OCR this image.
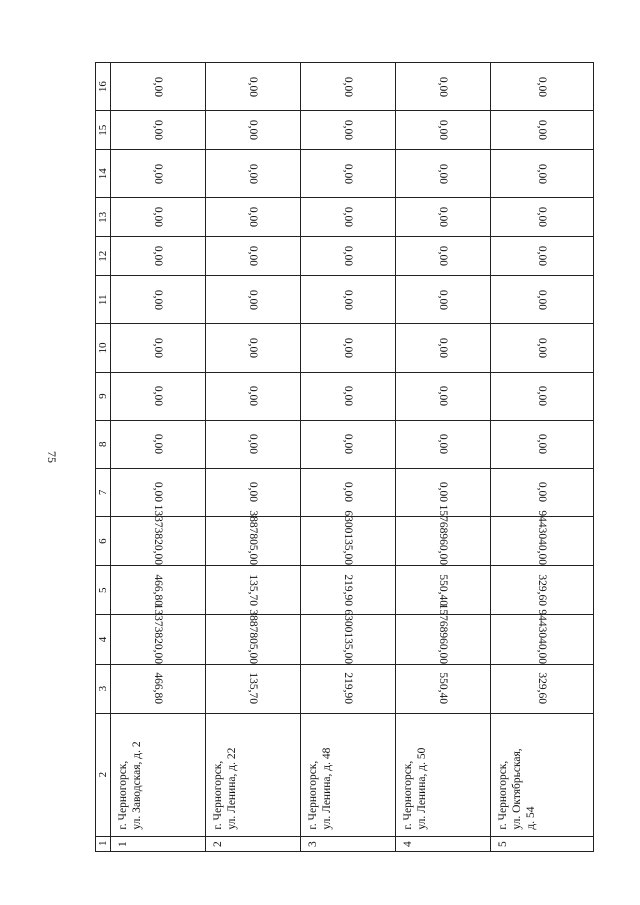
75
1	2	3	4	5	6	7	8	9	10	11	12	13	14	15	16
1	г. Черногорск, ул. Заводская, д. 2	466,80	13373820,00	466,80	13373820,00	0,00	0,00	0,00	0,00	0,00	0,00	0,00	0,00	0,00	0,00
2	г. Черногорск, ул. Ленина, д. 22	135,70	3887805,00	135,70	3887805,00	0,00	0,00	0,00	0,00	0,00	0,00	0,00	0,00	0,00	0,00
3	г. Черногорск, ул. Ленина, д. 48	219,90	6300135,00	219,90	6300135,00	0,00	0,00	0,00	0,00	0,00	0,00	0,00	0,00	0,00	0,00
4	г. Черногорск, ул. Ленина, д. 50	550,40	15768960,00	550,40	15768960,00	0,00	0,00	0,00	0,00	0,00	0,00	0,00	0,00	0,00	0,00
5	г. Черногорск, ул. Октябрьская, д. 54	329,60	9443040,00	329,60	9443040,00	0,00	0,00	0,00	0,00	0,00	0,00	0,00	0,00	0,00	0,00
